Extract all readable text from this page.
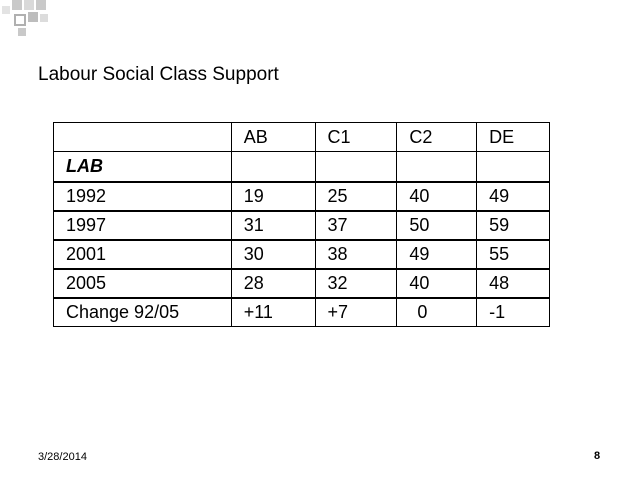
Labour Social Class Support
	AB	C1	C2	DE
LAB				
1992	19	25	40	49
1997	31	37	50	59
2001	30	38	49	55
2005	28	32	40	48
Change 92/05	+11	+7	0	-1
3/28/2014	8
